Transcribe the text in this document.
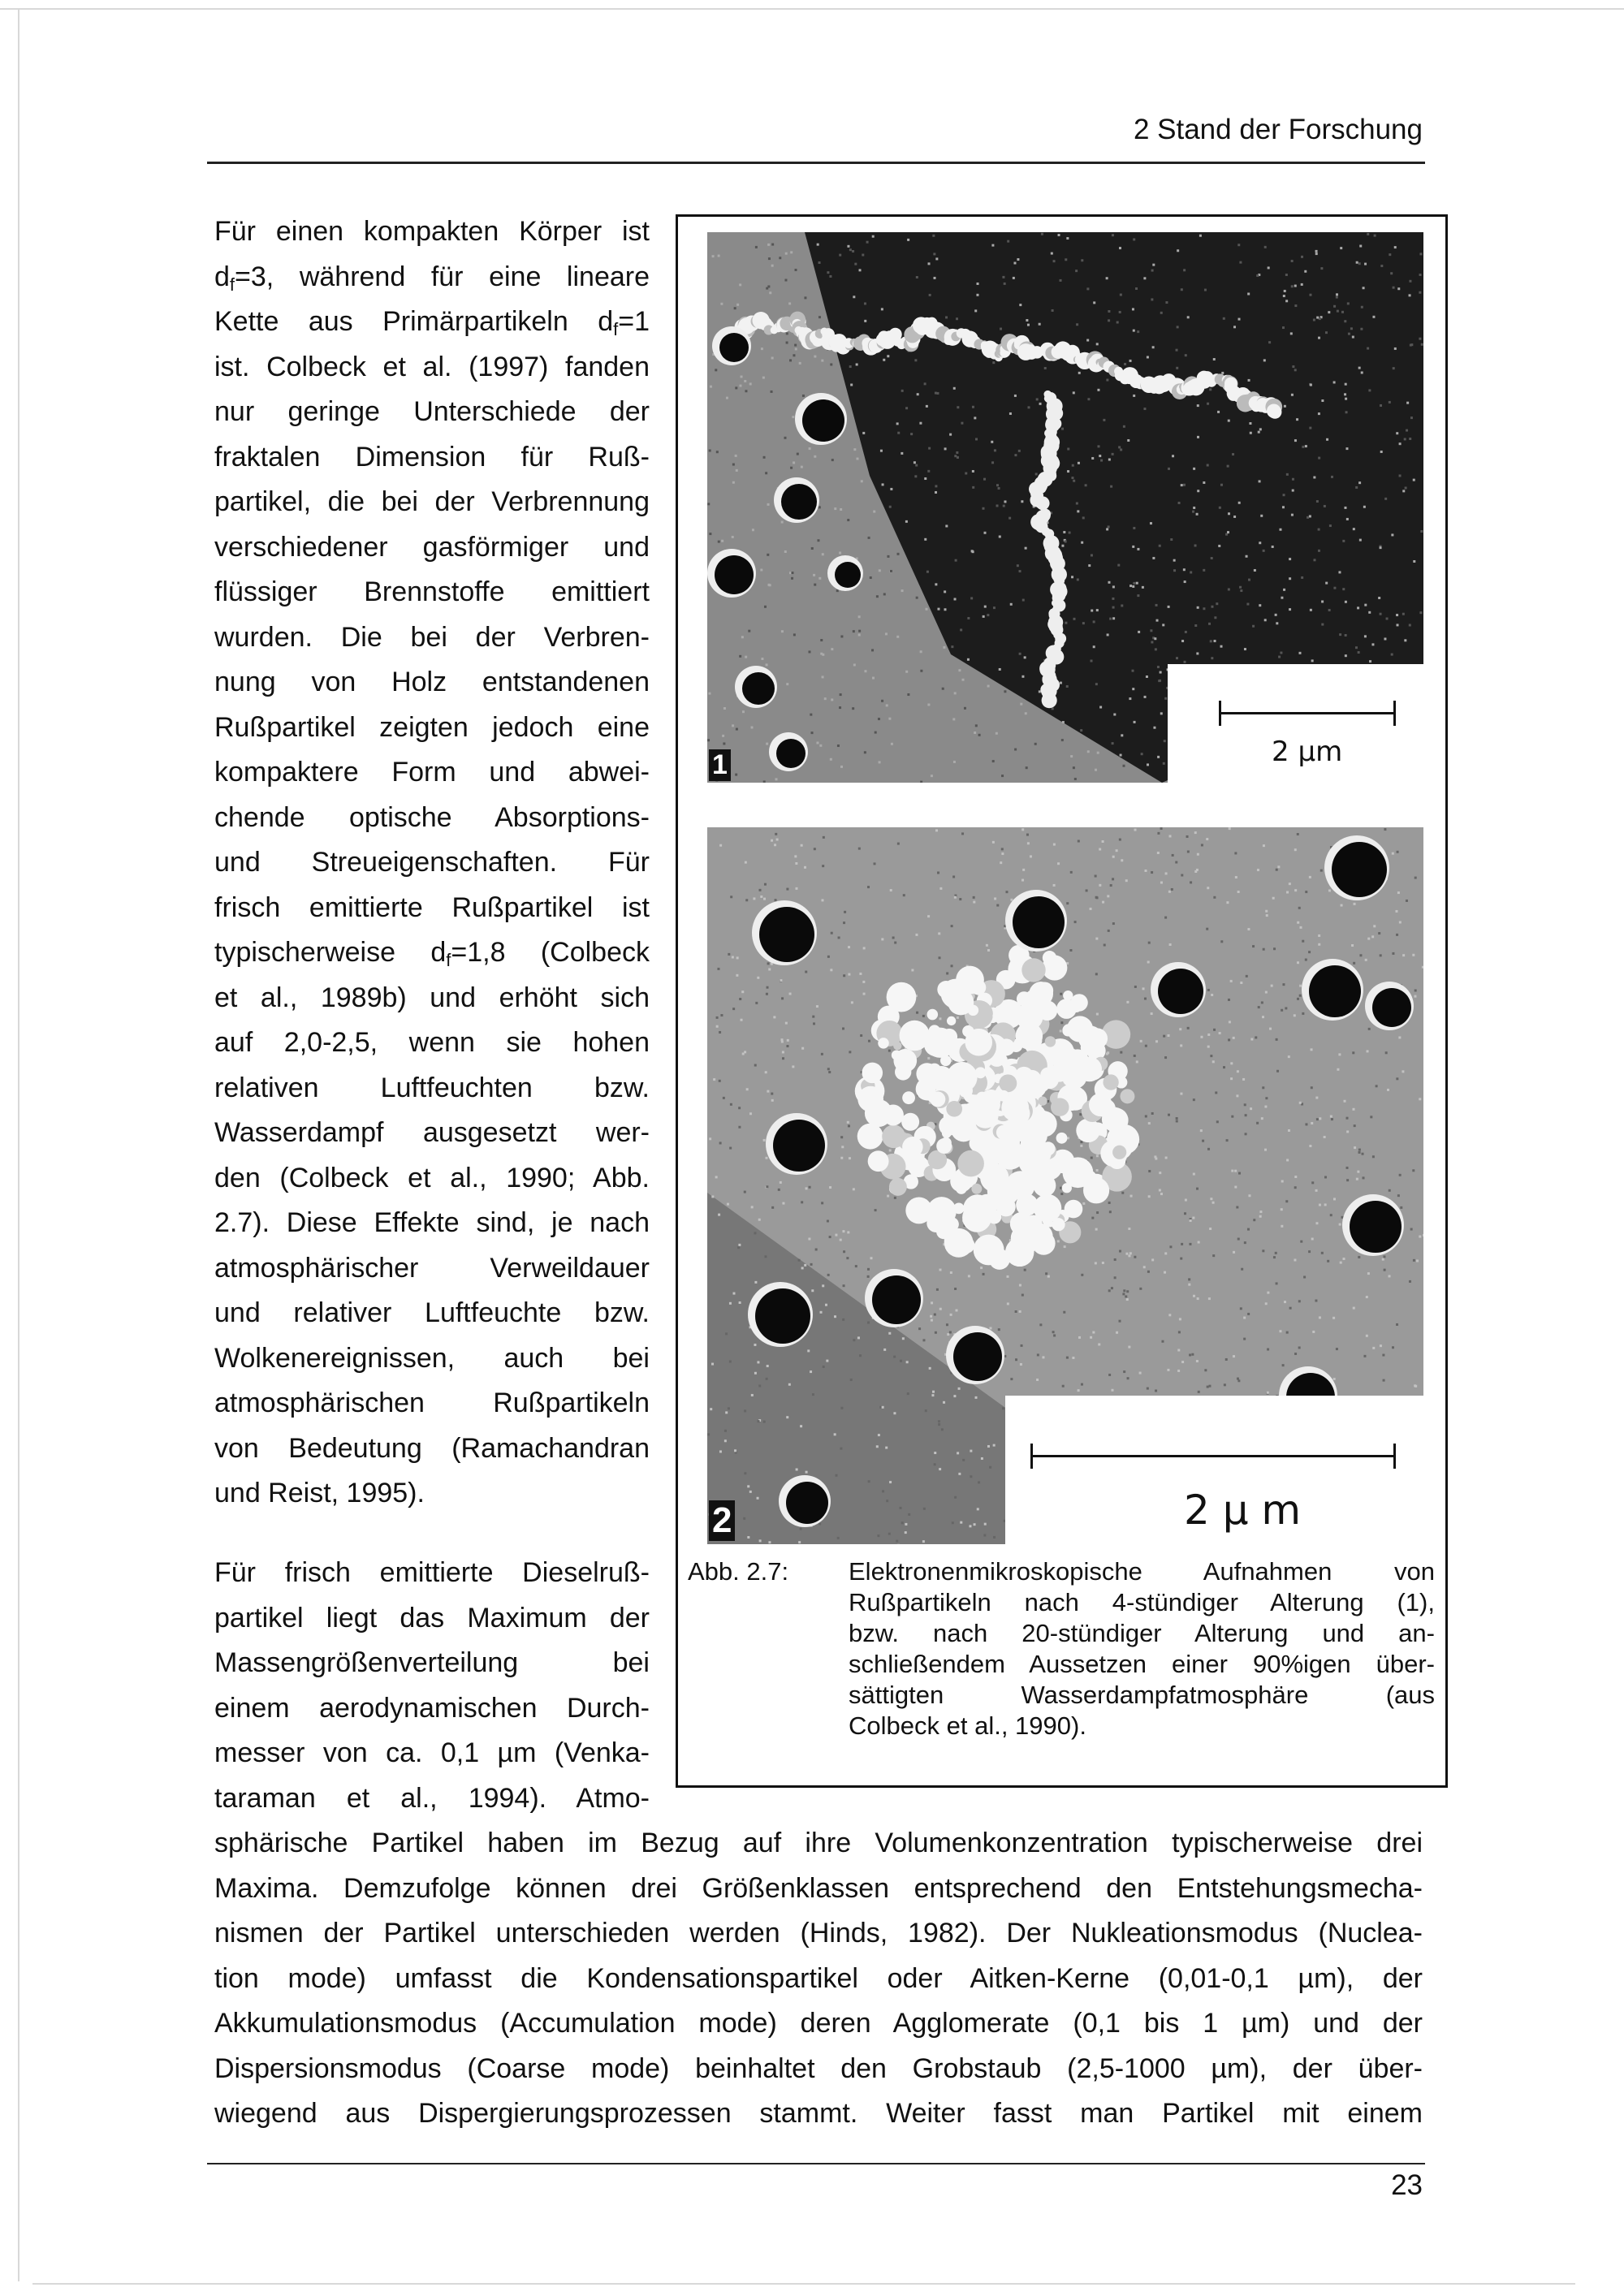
2 Stand der Forschung
Für einen kompakten Körper ist
$d_f=3$, während für eine lineare
Kette aus Primärpartikeln $d_f=1$
ist. Colbeck et al. (1997) fanden
nur geringe Unterschiede der
fraktalen Dimension für Ruß-
partikel, die bei der Verbrennung
verschiedener gasförmiger und
flüssiger Brennstoffe emittiert
wurden. Die bei der Verbren-
nung von Holz entstandenen
Rußpartikel zeigten jedoch eine
kompaktere Form und abwei-
chende optische Absorptions-
und Streueigenschaften. Für
frisch emittierte Rußpartikel ist
typischerweise $d_f=1,8$ (Colbeck
et al., 1989b) und erhöht sich
auf 2,0-2,5, wenn sie hohen
relativen Luftfeuchten bzw.
Wasserdampf ausgesetzt wer-
den (Colbeck et al., 1990; Abb.
2.7). Diese Effekte sind, je nach
atmosphärischer Verweildauer
und relativer Luftfeuchte bzw.
Wolkenereignissen, auch bei
atmosphärischen Rußpartikeln
von Bedeutung (Ramachandran
und Reist, 1995).
Für frisch emittierte Dieselruß-
partikel liegt das Maximum der
Massengrößenverteilung bei
einem aerodynamischen Durch-
messer von ca. 0,1 µm (Venka-
taraman et al., 1994). Atmo-
sphärische Partikel haben im Bezug auf ihre Volumenkonzentration typischerweise drei
Maxima. Demzufolge können drei Größenklassen entsprechend den Entstehungsmecha-
nismen der Partikel unterschieden werden (Hinds, 1982). Der Nukleationsmodus (Nuclea-
tion mode) umfasst die Kondensationspartikel oder Aitken-Kerne (0,01-0,1 µm), der
Akkumulationsmodus (Accumulation mode) deren Agglomerate (0,1 bis 1 µm) und der
Dispersionsmodus (Coarse mode) beinhaltet den Grobstaub (2,5-1000 µm), der über-
wiegend aus Dispergierungsprozessen stammt. Weiter fasst man Partikel mit einem
2 µm
1
2 µ m
2
Abb. 2.7: Elektronenmikroskopische Aufnahmen von
Rußpartikeln nach 4-stündiger Alterung (1),
bzw. nach 20-stündiger Alterung und an-
schließendem Aussetzen einer 90%igen über-
sättigten Wasserdampfatmosphäre (aus
Colbeck et al., 1990).
23
